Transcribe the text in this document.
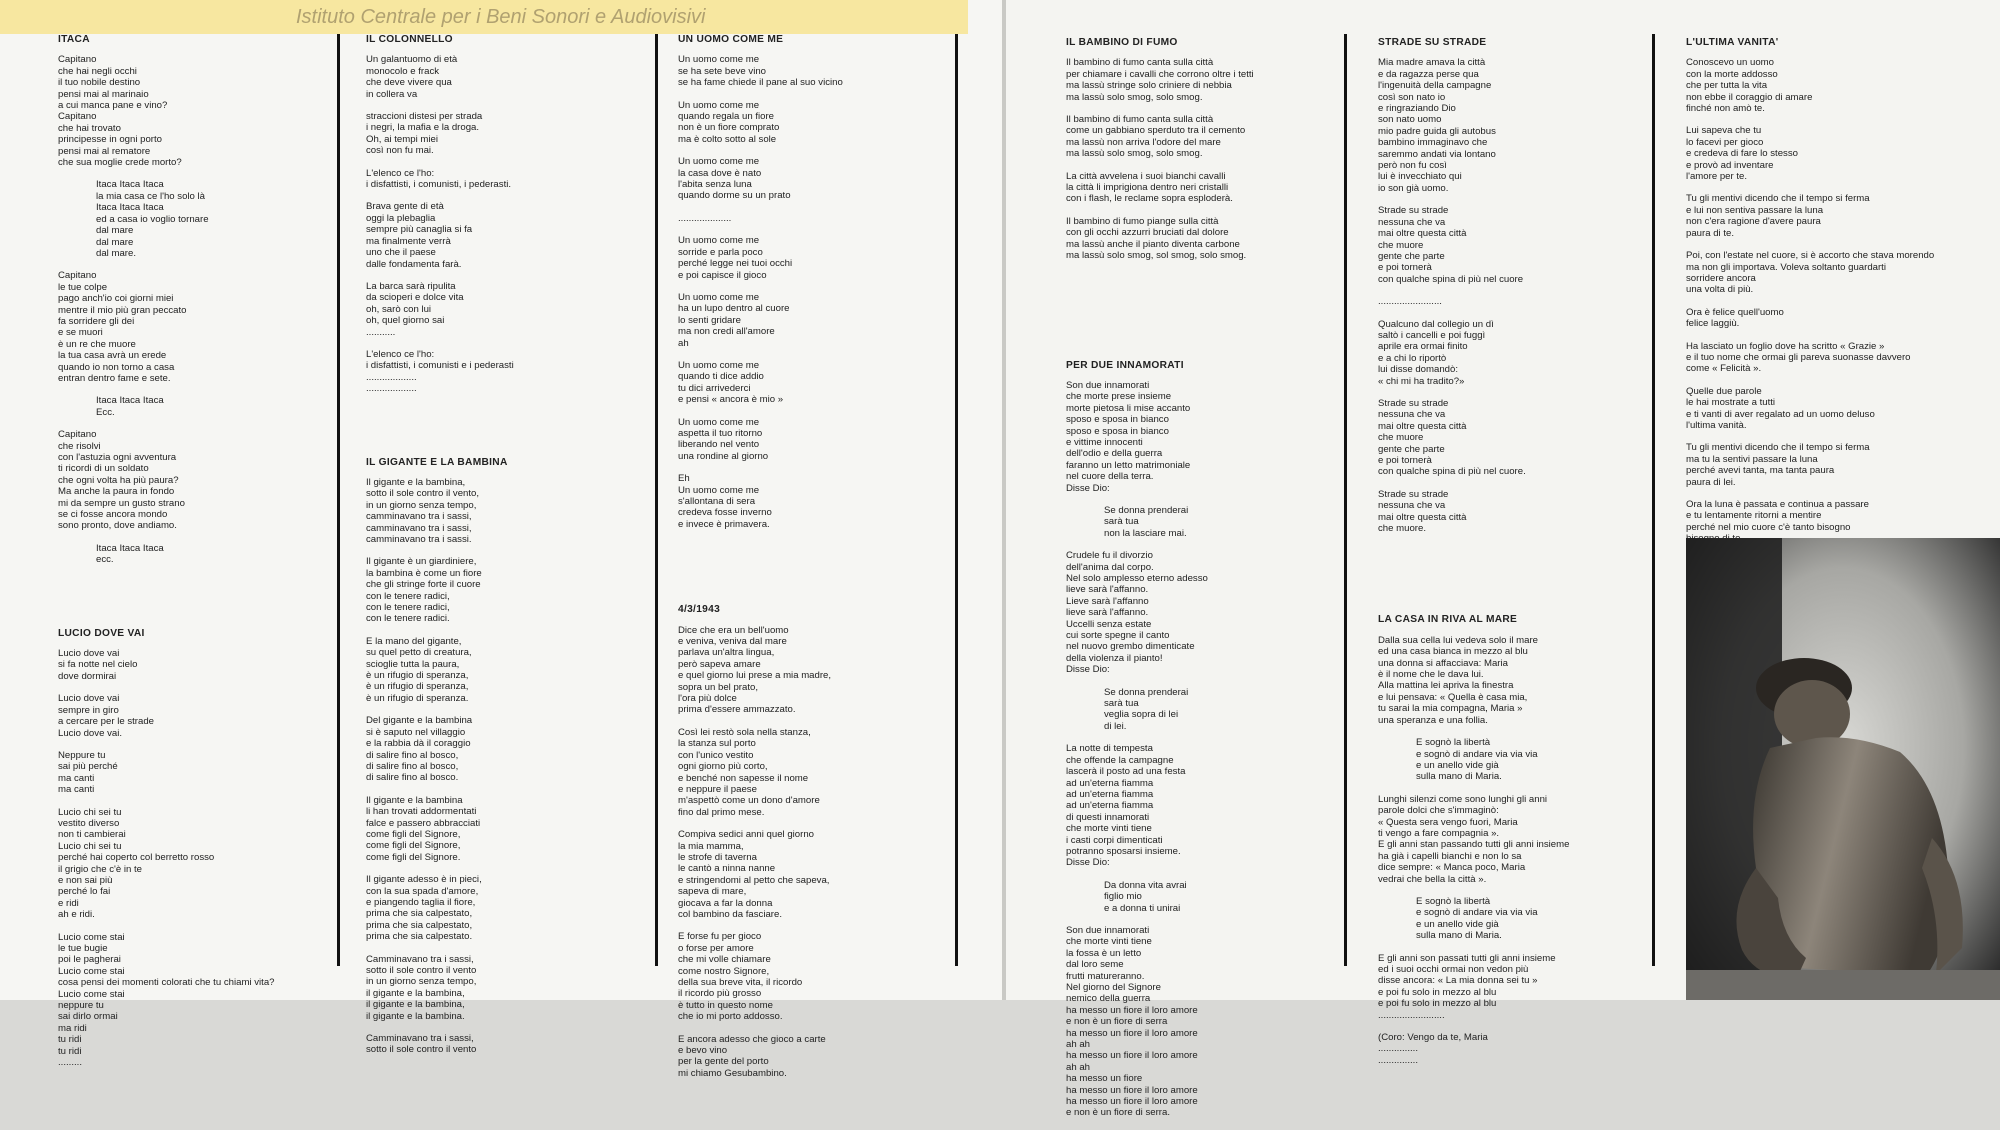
Istituto Centrale per i Beni Sonori e Audiovisivi
ITACA
Capitano
che hai negli occhi
il tuo nobile destino
pensi mai al marinaio
a cui manca pane e vino?
Capitano
che hai trovato
principesse in ogni porto
pensi mai al rematore
che sua moglie crede morto?
Itaca Itaca Itaca
la mia casa ce l'ho solo là
Itaca Itaca Itaca
ed a casa io voglio tornare
dal mare
dal mare
dal mare.
Capitano
le tue colpe
pago anch'io coi giorni miei
mentre il mio più gran peccato
fa sorridere gli dei
e se muori
è un re che muore
la tua casa avrà un erede
quando io non torno a casa
entran dentro fame e sete.
Itaca Itaca Itaca
Ecc.
Capitano
che risolvi
con l'astuzia ogni avventura
ti ricordi di un soldato
che ogni volta ha più paura?
Ma anche la paura in fondo
mi da sempre un gusto strano
se ci fosse ancora mondo
sono pronto, dove andiamo.
Itaca Itaca Itaca
ecc.
LUCIO DOVE VAI
Lucio dove vai
si fa notte nel cielo
dove dormirai
Lucio dove vai
sempre in giro
a cercare per le strade
Lucio dove vai.
Neppure tu
sai più perché
ma canti
ma canti
Lucio chi sei tu
vestito diverso
non ti cambierai
Lucio chi sei tu
perché hai coperto col berretto rosso
il grigio che c'è in te
e non sai più
perché lo fai
e ridi
ah e ridi.
Lucio come stai
le tue bugie
poi le pagherai
Lucio come stai
cosa pensi dei momenti colorati che tu chiami vita?
Lucio come stai
neppure tu
sai dirlo ormai
ma ridi
tu ridi
tu ridi
.........
IL COLONNELLO
Un galantuomo di età
monocolo e frack
che deve vivere qua
in collera va
straccioni distesi per strada
i negri, la mafia e la droga.
Oh, ai tempi miei
così non fu mai.
L'elenco ce l'ho:
i disfattisti, i comunisti, i pederasti.
Brava gente di età
oggi la plebaglia
sempre più canaglia si fa
ma finalmente verrà
uno che il paese
dalle fondamenta farà.
La barca sarà ripulita
da scioperi e dolce vita
oh, sarò con lui
oh, quel giorno sai
...........
L'elenco ce l'ho:
i disfattisti, i comunisti e i pederasti
...................
...................
IL GIGANTE E LA BAMBINA
Il gigante e la bambina,
sotto il sole contro il vento,
in un giorno senza tempo,
camminavano tra i sassi,
camminavano tra i sassi,
camminavano tra i sassi.
Il gigante è un giardiniere,
la bambina è come un fiore
che gli stringe forte il cuore
con le tenere radici,
con le tenere radici,
con le tenere radici.
E la mano del gigante,
su quel petto di creatura,
scioglie tutta la paura,
è un rifugio di speranza,
è un rifugio di speranza,
è un rifugio di speranza.
Del gigante e la bambina
si è saputo nel villaggio
e la rabbia dà il coraggio
di salire fino al bosco,
di salire fino al bosco,
di salire fino al bosco.
Il gigante e la bambina
li han trovati addormentati
falce e passero abbracciati
come figli del Signore,
come figli del Signore,
come figli del Signore.
Il gigante adesso è in pieci,
con la sua spada d'amore,
e piangendo taglia il fiore,
prima che sia calpestato,
prima che sia calpestato,
prima che sia calpestato.
Camminavano tra i sassi,
sotto il sole contro il vento
in un giorno senza tempo,
il gigante e la bambina,
il gigante e la bambina,
il gigante e la bambina.
Camminavano tra i sassi,
sotto il sole contro il vento
UN UOMO COME ME
Un uomo come me
se ha sete beve vino
se ha fame chiede il pane al suo vicino
Un uomo come me
quando regala un fiore
non è un fiore comprato
ma è colto sotto al sole
Un uomo come me
la casa dove è nato
l'abita senza luna
quando dorme su un prato
....................
Un uomo come me
sorride e parla poco
perché legge nei tuoi occhi
e poi capisce il gioco
Un uomo come me
ha un lupo dentro al cuore
lo senti gridare
ma non credi all'amore
ah
Un uomo come me
quando ti dice addio
tu dici arrivederci
e pensi « ancora è mio »
Un uomo come me
aspetta il tuo ritorno
liberando nel vento
una rondine al giorno
Eh
Un uomo come me
s'allontana di sera
credeva fosse inverno
e invece è primavera.
4/3/1943
Dice che era un bell'uomo
e veniva, veniva dal mare
parlava un'altra lingua,
però sapeva amare
e quel giorno lui prese a mia madre,
sopra un bel prato,
l'ora più dolce
prima d'essere ammazzato.
Così lei restò sola nella stanza,
la stanza sul porto
con l'unico vestito
ogni giorno più corto,
e benché non sapesse il nome
e neppure il paese
m'aspettò come un dono d'amore
fino dal primo mese.
Compiva sedici anni quel giorno
la mia mamma,
le strofe di taverna
le cantò a ninna nanne
e stringendomi al petto che sapeva,
sapeva di mare,
giocava a far la donna
col bambino da fasciare.
E forse fu per gioco
o forse per amore
che mi volle chiamare
come nostro Signore,
della sua breve vita, il ricordo
il ricordo più grosso
è tutto in questo nome
che io mi porto addosso.
E ancora adesso che gioco a carte
e bevo vino
per la gente del porto
mi chiamo Gesubambino.
IL BAMBINO DI FUMO
Il bambino di fumo canta sulla città
per chiamare i cavalli che corrono oltre i tetti
ma lassù stringe solo criniere di nebbia
ma lassù solo smog, solo smog.
Il bambino di fumo canta sulla città
come un gabbiano sperduto tra il cemento
ma lassù non arriva l'odore del mare
ma lassù solo smog, solo smog.
La città avvelena i suoi bianchi cavalli
la città li imprigiona dentro neri cristalli
con i flash, le reclame sopra esploderà.
Il bambino di fumo piange sulla città
con gli occhi azzurri bruciati dal dolore
ma lassù anche il pianto diventa carbone
ma lassù solo smog, sol smog, solo smog.
PER DUE INNAMORATI
Son due innamorati
che morte prese insieme
morte pietosa li mise accanto
sposo e sposa in bianco
sposo e sposa in bianco
e vittime innocenti
dell'odio e della guerra
faranno un letto matrimoniale
nel cuore della terra.
Disse Dio:
Se donna prenderai
sarà tua
non la lasciare mai.
Crudele fu il divorzio
dell'anima dal corpo.
Nel solo amplesso eterno adesso
lieve sarà l'affanno.
Lieve sarà l'affanno
lieve sarà l'affanno.
Uccelli senza estate
cui sorte spegne il canto
nel nuovo grembo dimenticate
della violenza il pianto!
Disse Dio:
Se donna prenderai
sarà tua
veglia sopra di lei
di lei.
La notte di tempesta
che offende la campagne
lascerà il posto ad una festa
ad un'eterna fiamma
ad un'eterna fiamma
ad un'eterna fiamma
di questi innamorati
che morte vinti tiene
i casti corpi dimenticati
potranno sposarsi insieme.
Disse Dio:
Da donna vita avrai
figlio mio
e a donna ti unirai
Son due innamorati
che morte vinti tiene
la fossa è un letto
dal loro seme
frutti matureranno.
Nel giorno del Signore
nemico della guerra
ha messo un fiore il loro amore
e non è un fiore di serra
ha messo un fiore il loro amore
ah ah
ha messo un fiore il loro amore
ah ah
ha messo un fiore
ha messo un fiore il loro amore
ha messo un fiore il loro amore
e non è un fiore di serra.
STRADE SU STRADE
Mia madre amava la città
e da ragazza perse qua
l'ingenuità della campagne
così son nato io
e ringraziando Dio
son nato uomo
mio padre guida gli autobus
bambino immaginavo che
saremmo andati via lontano
però non fu così
lui è invecchiato qui
io son già uomo.
Strade su strade
nessuna che va
mai oltre questa città
che muore
gente che parte
e poi tornerà
con qualche spina di più nel cuore
........................
Qualcuno dal collegio un dì
saltò i cancelli e poi fuggì
aprile era ormai finito
e a chi lo riportò
lui disse domandò:
« chi mi ha tradito?»
Strade su strade
nessuna che va
mai oltre questa città
che muore
gente che parte
e poi tornerà
con qualche spina di più nel cuore.
Strade su strade
nessuna che va
mai oltre questa città
che muore.
LA CASA IN RIVA AL MARE
Dalla sua cella lui vedeva solo il mare
ed una casa bianca in mezzo al blu
una donna si affacciava: Maria
è il nome che le dava lui.
Alla mattina lei apriva la finestra
e lui pensava: « Quella è casa mia,
tu sarai la mia compagna, Maria »
una speranza e una follia.
E sognò la libertà
e sognò di andare via via via
e un anello vide già
sulla mano di Maria.
Lunghi silenzi come sono lunghi gli anni
parole dolci che s'immaginò:
« Questa sera vengo fuori, Maria
ti vengo a fare compagnia ».
E gli anni stan passando tutti gli anni insieme
ha già i capelli bianchi e non lo sa
dice sempre: « Manca poco, Maria
vedrai che bella la città ».
E sognò la libertà
e sognò di andare via via via
e un anello vide già
sulla mano di Maria.
E gli anni son passati tutti gli anni insieme
ed i suoi occhi ormai non vedon più
disse ancora: « La mia donna sei tu »
e poi fu solo in mezzo al blu
e poi fu solo in mezzo al blu
.........................
(Coro: Vengo da te, Maria
...............
...............
L'ULTIMA VANITA'
Conoscevo un uomo
con la morte addosso
che per tutta la vita
non ebbe il coraggio di amare
finché non amò te.
Lui sapeva che tu
lo facevi per gioco
e credeva di fare lo stesso
e provò ad inventare
l'amore per te.
Tu gli mentivi dicendo che il tempo si ferma
e lui non sentiva passare la luna
non c'era ragione d'avere paura
paura di te.
Poi, con l'estate nel cuore, si è accorto che stava morendo
ma non gli importava. Voleva soltanto guardarti
sorridere ancora
una volta di più.
Ora è felice quell'uomo
felice laggiù.
Ha lasciato un foglio dove ha scritto « Grazie »
e il tuo nome che ormai gli pareva suonasse davvero
come « Felicità ».
Quelle due parole
le hai mostrate a tutti
e ti vanti di aver regalato ad un uomo deluso
l'ultima vanità.
Tu gli mentivi dicendo che il tempo si ferma
ma tu la sentivi passare la luna
perché avevi tanta, ma tanta paura
paura di lei.
Ora la luna è passata e continua a passare
e tu lentamente ritorni a mentire
perché nel mio cuore c'è tanto bisogno
